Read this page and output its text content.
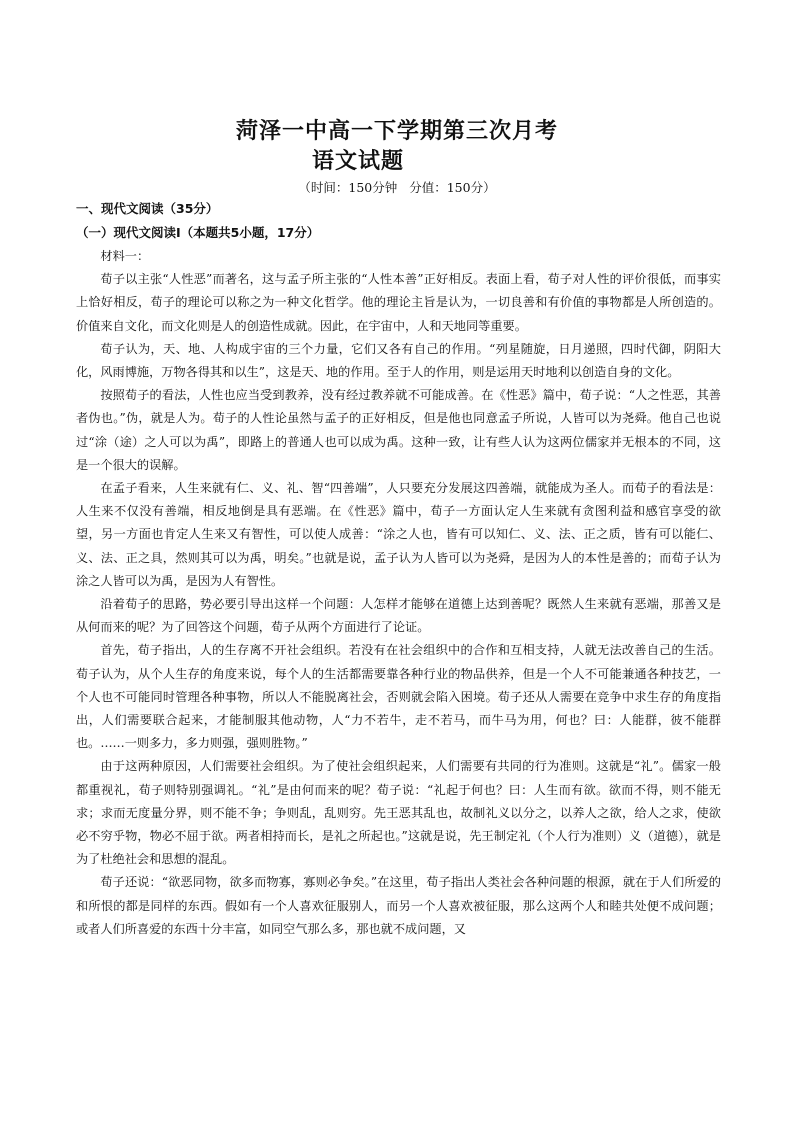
菏泽一中高一下学期第三次月考
语文试题
（时间：150分钟 分值：150分）
一、现代文阅读（35分）
（一）现代文阅读Ⅰ（本题共5小题，17分）

材料一：

荀子以主张“人性恶”而著名，这与孟子所主张的“人性本善”正好相反。表面上看，荀子对人性的评价很低，而事实上恰好相反，荀子的理论可以称之为一种文化哲学。他的理论主旨是认为，一切良善和有价值的事物都是人所创造的。价值来自文化，而文化则是人的创造性成就。因此，在宇宙中，人和天地同等重要。

荀子认为，天、地、人构成宇宙的三个力量，它们又各有自己的作用。“列星随旋，日月递照，四时代御，阴阳大化，风雨博施，万物各得其和以生”，这是天、地的作用。至于人的作用，则是运用天时地利以创造自身的文化。

按照荀子的看法，人性也应当受到教养，没有经过教养就不可能成善。在《性恶》篇中，荀子说：“人之性恶，其善者伪也。”伪，就是人为。荀子的人性论虽然与孟子的正好相反，但是他也同意孟子所说，人皆可以为尧舜。他自己也说过“涂（途）之人可以为禹”，即路上的普通人也可以成为禹。这种一致，让有些人认为这两位儒家并无根本的不同，这是一个很大的误解。

在孟子看来，人生来就有仁、义、礼、智“四善端”，人只要充分发展这四善端，就能成为圣人。而荀子的看法是：人生来不仅没有善端，相反地倒是具有恶端。在《性恶》篇中，荀子一方面认定人生来就有贪图利益和感官享受的欲望，另一方面也肯定人生来又有智性，可以使人成善：“涂之人也，皆有可以知仁、义、法、正之质，皆有可以能仁、义、法、正之具，然则其可以为禹，明矣。”也就是说，孟子认为人皆可以为尧舜，是因为人的本性是善的；而荀子认为涂之人皆可以为禹，是因为人有智性。

沿着荀子的思路，势必要引导出这样一个问题：人怎样才能够在道德上达到善呢？既然人生来就有恶端，那善又是从何而来的呢？为了回答这个问题，荀子从两个方面进行了论证。

首先，荀子指出，人的生存离不开社会组织。若没有在社会组织中的合作和互相支持，人就无法改善自己的生活。荀子认为，从个人生存的角度来说，每个人的生活都需要靠各种行业的物品供养，但是一个人不可能兼通各种技艺，一个人也不可能同时管理各种事物，所以人不能脱离社会，否则就会陷入困境。荀子还从人需要在竞争中求生存的角度指出，人们需要联合起来，才能制服其他动物，人“力不若牛，走不若马，而牛马为用，何也？曰：人能群，彼不能群也。……一则多力，多力则强，强则胜物。”

由于这两种原因，人们需要社会组织。为了使社会组织起来，人们需要有共同的行为准则。这就是“礼”。儒家一般都重视礼，荀子则特别强调礼。“礼”是由何而来的呢？荀子说：“礼起于何也？曰：人生而有欲。欲而不得，则不能无求；求而无度量分界，则不能不争；争则乱，乱则穷。先王恶其乱也，故制礼义以分之，以养人之欲，给人之求，使欲必不穷乎物，物必不屈于欲。两者相持而长，是礼之所起也。”这就是说，先王制定礼（个人行为准则）义（道德），就是为了杜绝社会和思想的混乱。

荀子还说：“欲恶同物，欲多而物寡，寡则必争矣。”在这里，荀子指出人类社会各种问题的根源，就在于人们所爱的和所恨的都是同样的东西。假如有一个人喜欢征服别人，而另一个人喜欢被征服，那么这两个人和睦共处便不成问题；或者人们所喜爱的东西十分丰富，如同空气那么多，那也就不成问题，又
